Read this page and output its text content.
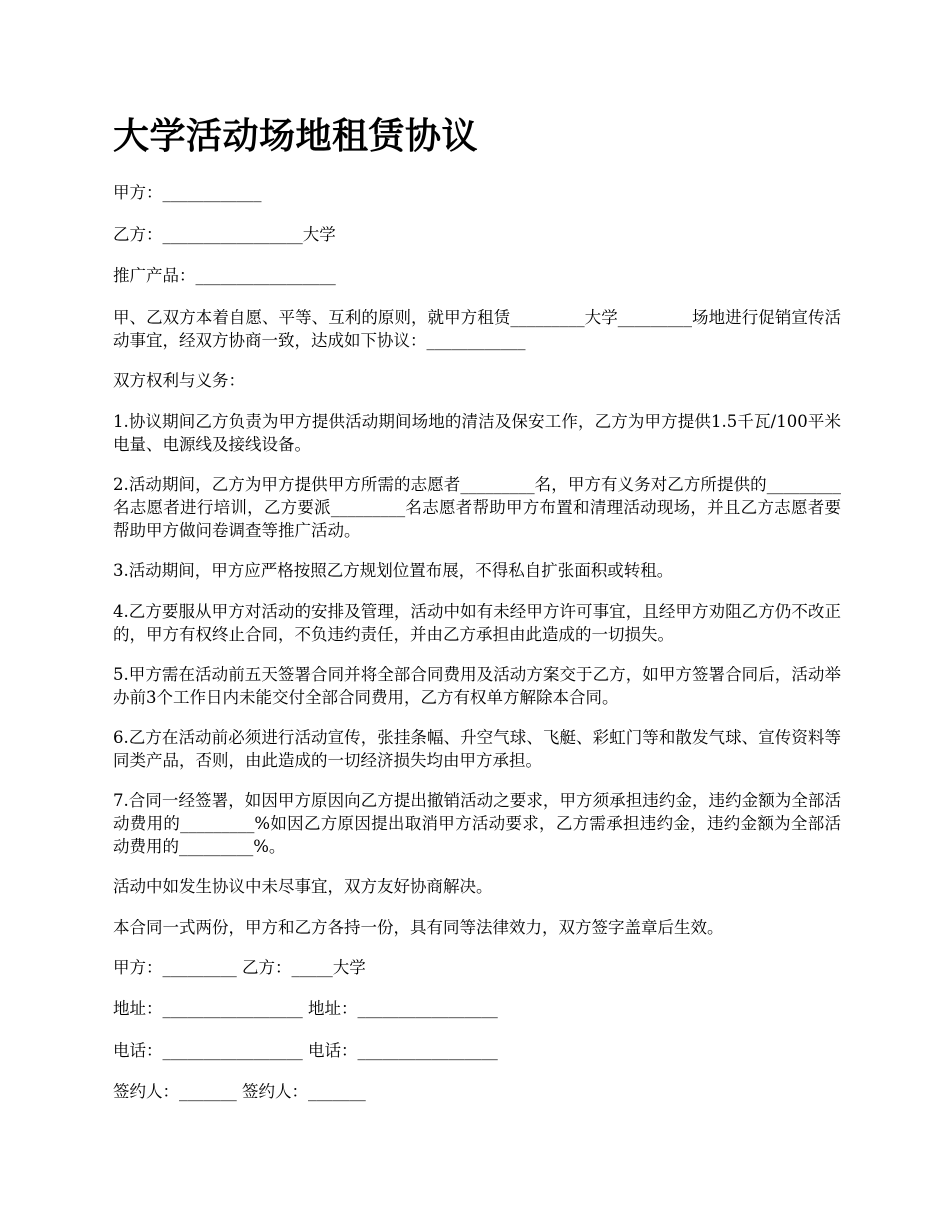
大学活动场地租赁协议

甲方：____________

乙方：_________________大学

推广产品：_________________

甲、乙双方本着自愿、平等、互利的原则，就甲方租赁_________大学_________场地进行促销宣传活动事宜，经双方协商一致，达成如下协议：____________

双方权利与义务：

1.协议期间乙方负责为甲方提供活动期间场地的清洁及保安工作，乙方为甲方提供1.5千瓦/100平米电量、电源线及接线设备。

2.活动期间，乙方为甲方提供甲方所需的志愿者_________名，甲方有义务对乙方所提供的_________名志愿者进行培训，乙方要派_________名志愿者帮助甲方布置和清理活动现场，并且乙方志愿者要帮助甲方做问卷调查等推广活动。

3.活动期间，甲方应严格按照乙方规划位置布展，不得私自扩张面积或转租。

4.乙方要服从甲方对活动的安排及管理，活动中如有未经甲方许可事宜，且经甲方劝阻乙方仍不改正的，甲方有权终止合同，不负违约责任，并由乙方承担由此造成的一切损失。

5.甲方需在活动前五天签署合同并将全部合同费用及活动方案交于乙方，如甲方签署合同后，活动举办前3个工作日内未能交付全部合同费用，乙方有权单方解除本合同。

6.乙方在活动前必须进行活动宣传，张挂条幅、升空气球、飞艇、彩虹门等和散发气球、宣传资料等同类产品，否则，由此造成的一切经济损失均由甲方承担。

7.合同一经签署，如因甲方原因向乙方提出撤销活动之要求，甲方须承担违约金，违约金额为全部活动费用的_________%如因乙方原因提出取消甲方活动要求，乙方需承担违约金，违约金额为全部活动费用的_________%。

活动中如发生协议中未尽事宜，双方友好协商解决。

本合同一式两份，甲方和乙方各持一份，具有同等法律效力，双方签字盖章后生效。

甲方：_________ 乙方：_____大学

地址：_________________ 地址：_________________

电话：_________________ 电话：_________________

签约人：_______ 签约人：_______
